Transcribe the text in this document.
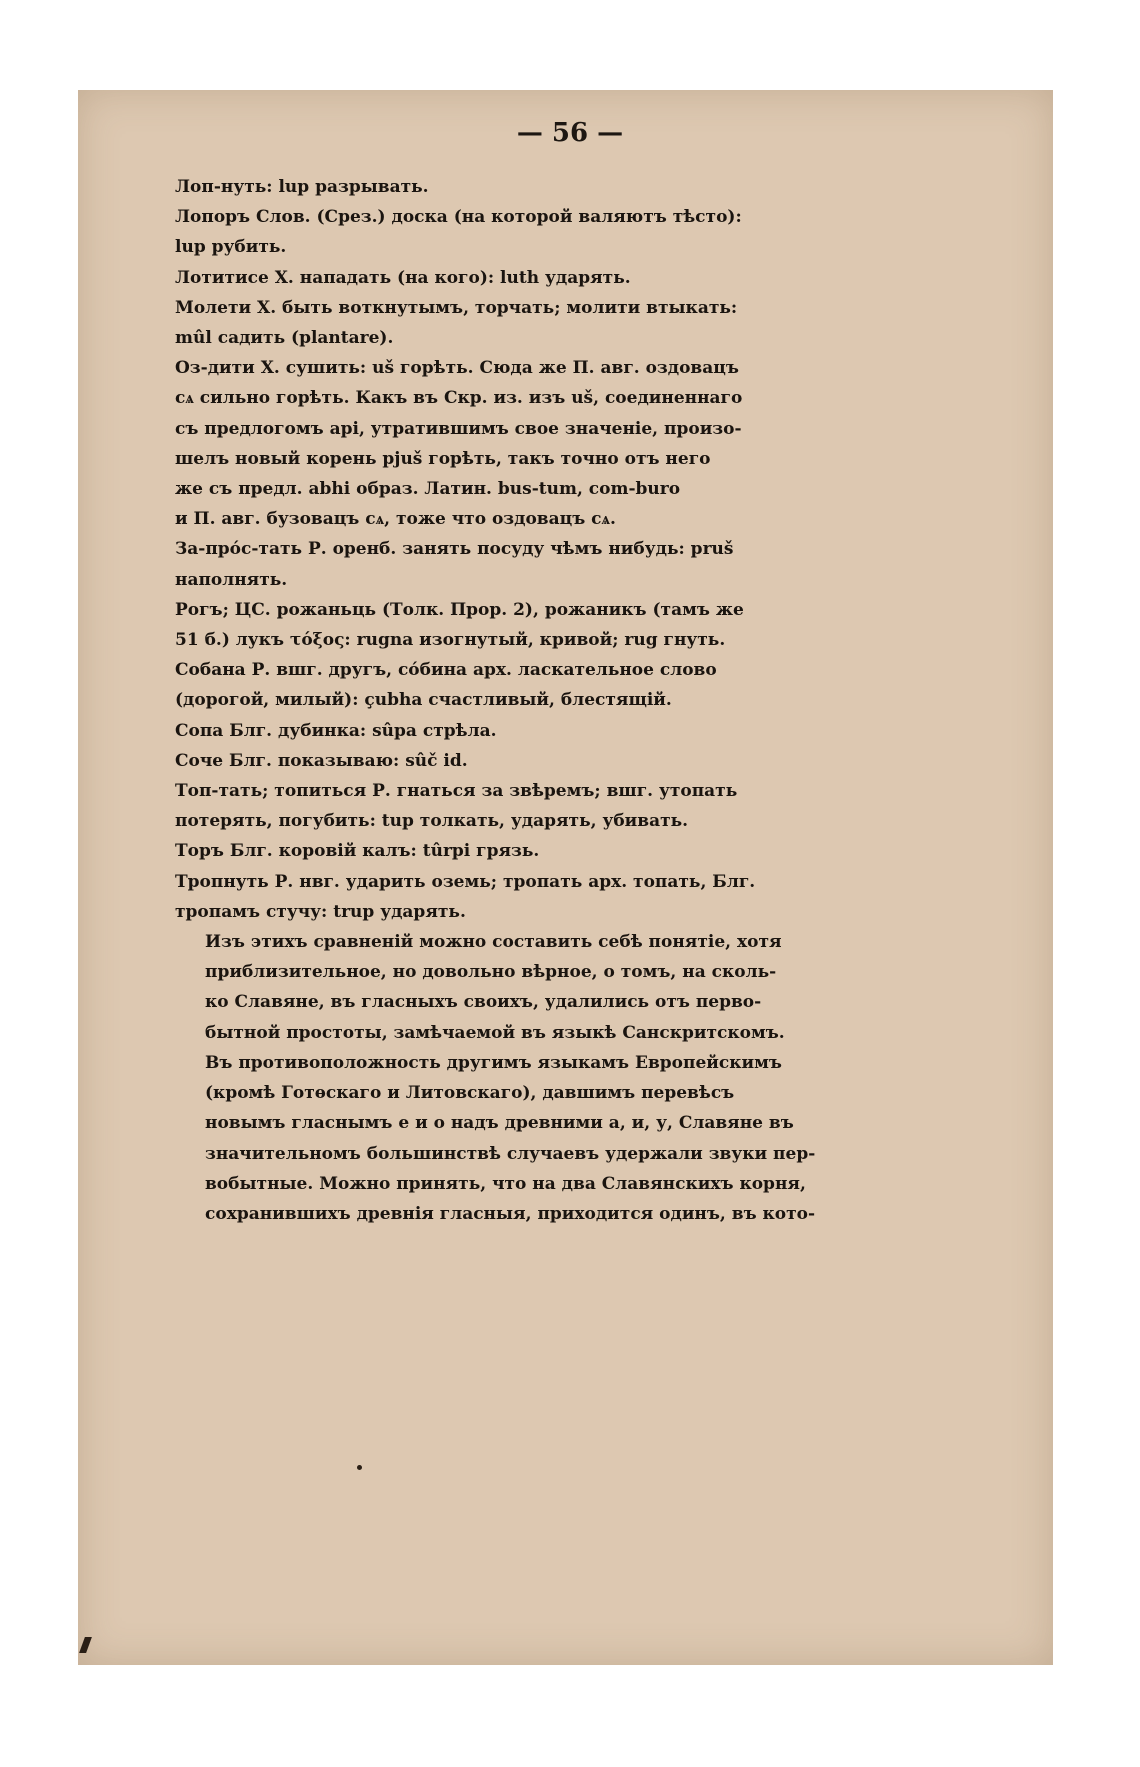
— 56 —
Лоп-нуть: lup разрывать.
Лопоръ Слов. (Срез.) доска (на которой валяютъ тѣсто):
lup рубить.
Лотитисе Х. нападать (на кого): luth ударять.
Молети Х. быть воткнутымъ, торчать; молити втыкать:
mûl садить (plantare).
Оз-дити Х. сушить: uš горѣть. Сюда же П. авг. оздовацъ
сѧ сильно горѣть. Какъ въ Скр. из. изъ uš, соединеннаго
съ предлогомъ api, утратившимъ свое значеніе, произо-
шелъ новый корень pjuš горѣть, такъ точно отъ него
же съ предл. abhi образ. Латин. bus-tum, com-buro
и П. авг. бузовацъ сѧ, тоже что оздовацъ сѧ.
За-про́с-тать Р. оренб. занять посуду чѣмъ нибудь: pruš
наполнять.
Рогъ; ЦС. рожаньць (Толк. Прор. 2), рожаникъ (тамъ же
51 б.) лукъ τόξος: rugna изогнутый, кривой; rug гнуть.
Собана Р. вшг. другъ, со́бина арх. ласкательное слово
(дорогой, милый): çubha счастливый, блестящій.
Сопа Блг. дубинка: sûpa стрѣла.
Соче Блг. показываю: sûč id.
Топ-тать; топиться Р. гнаться за звѣремъ; вшг. утопать
потерять, погубить: tup толкать, ударять, убивать.
Торъ Блг. коровій калъ: tûrpi грязь.
Тропнуть Р. нвг. ударить оземь; тропать арх. топать, Блг.
тропамъ стучу: trup ударять.
Изъ этихъ сравненій можно составить себѣ понятіе, хотя
приблизительное, но довольно вѣрное, о томъ, на сколь-
ко Славяне, въ гласныхъ своихъ, удалились отъ перво-
бытной простоты, замѣчаемой въ языкѣ Санскритскомъ.
Въ противоположность другимъ языкамъ Европейскимъ
(кромѣ Готѳскаго и Литовскаго), давшимъ перевѣсъ
новымъ гласнымъ е и о надъ древними а, и, у, Славяне въ
значительномъ большинствѣ случаевъ удержали звуки пер-
вобытные. Можно принять, что на два Славянскихъ корня,
сохранившихъ древнія гласныя, приходится одинъ, въ кото-
